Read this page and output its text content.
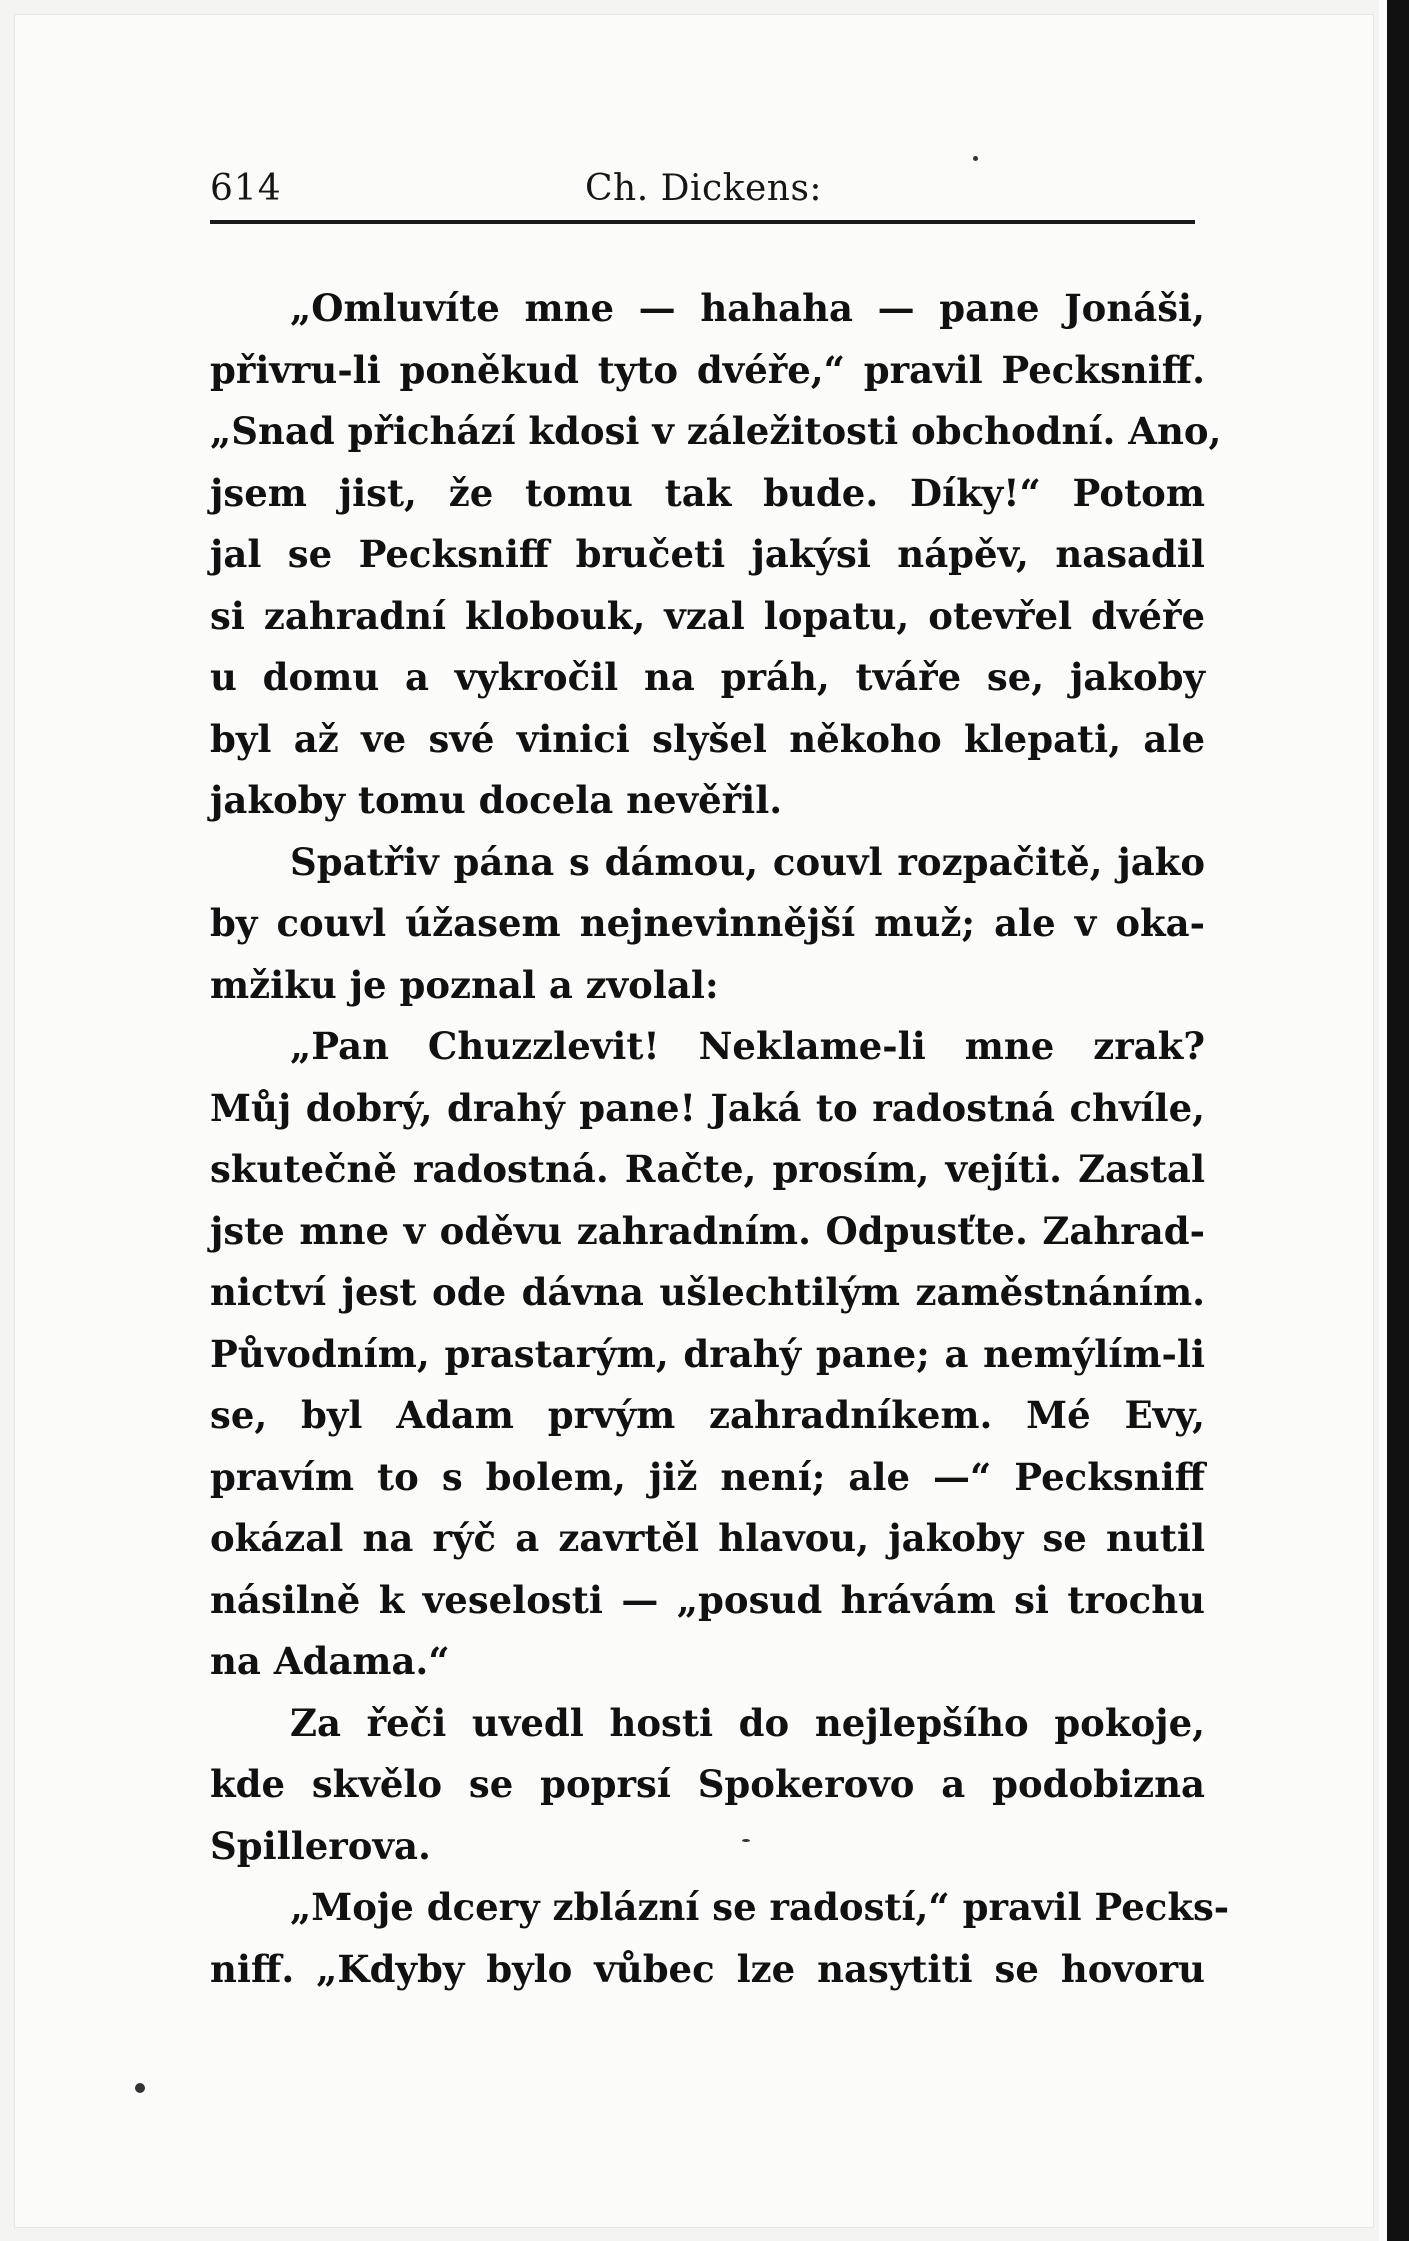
614	Ch. Dickens:
„Omluvíte mne — hahaha — pane Jonáši,
přivru-li poněkud tyto dvéře,“ pravil Pecksniff.
„Snad přichází kdosi v záležitosti obchodní. Ano,
jsem jist, že tomu tak bude. Díky!“ Potom
jal se Pecksniff bručeti jakýsi nápěv, nasadil
si zahradní klobouk, vzal lopatu, otevřel dvéře
u domu a vykročil na práh, tváře se, jakoby
byl až ve své vinici slyšel někoho klepati, ale
jakoby tomu docela nevěřil.
Spatřiv pána s dámou, couvl rozpačitě, jako
by couvl úžasem nejnevinnější muž; ale v oka-
mžiku je poznal a zvolal:
„Pan Chuzzlevit! Neklame-li mne zrak?
Můj dobrý, drahý pane! Jaká to radostná chvíle,
skutečně radostná. Račte, prosím, vejíti. Zastal
jste mne v oděvu zahradním. Odpusťte. Zahrad-
nictví jest ode dávna ušlechtilým zaměstnáním.
Původním, prastarým, drahý pane; a nemýlím-li
se, byl Adam prvým zahradníkem. Mé Evy,
pravím to s bolem, již není; ale —“ Pecksniff
okázal na rýč a zavrtěl hlavou, jakoby se nutil
násilně k veselosti — „posud hrávám si trochu
na Adama.“
Za řeči uvedl hosti do nejlepšího pokoje,
kde skvělo se poprsí Spokerovo a podobizna
Spillerova.
„Moje dcery zblázní se radostí,“ pravil Pecks-
niff. „Kdyby bylo vůbec lze nasytiti se hovoru
